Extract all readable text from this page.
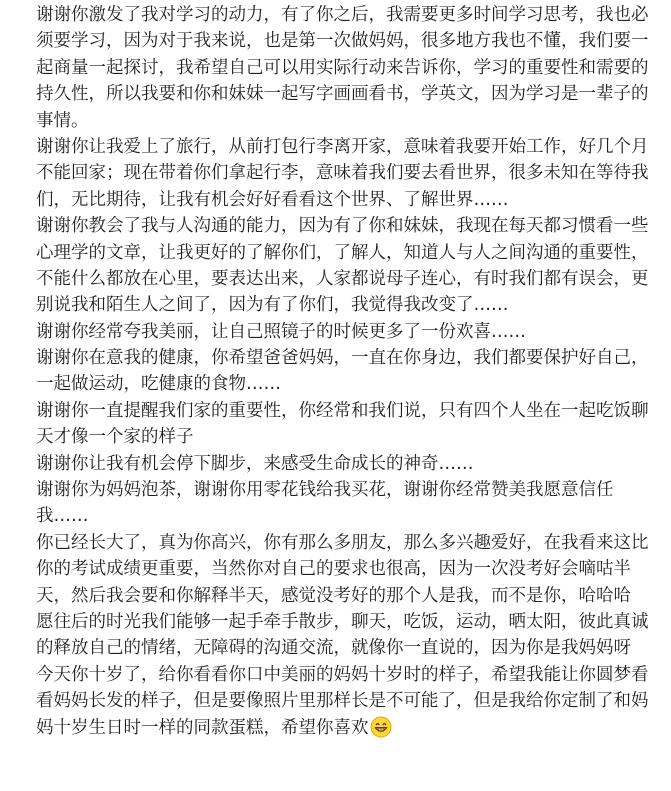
谢谢你激发了我对学习的动力，有了你之后，我需要更多时间学习思考，我也必
须要学习，因为对于我来说，也是第一次做妈妈，很多地方我也不懂，我们要一
起商量一起探讨，我希望自己可以用实际行动来告诉你，学习的重要性和需要的
持久性，所以我要和你和妹妹一起写字画画看书，学英文，因为学习是一辈子的
事情。
谢谢你让我爱上了旅行，从前打包行李离开家，意味着我要开始工作，好几个月
不能回家；现在带着你们拿起行李，意味着我们要去看世界，很多未知在等待我
们，无比期待，让我有机会好好看看这个世界、了解世界……
谢谢你教会了我与人沟通的能力，因为有了你和妹妹，我现在每天都习惯看一些
心理学的文章，让我更好的了解你们，了解人，知道人与人之间沟通的重要性，
不能什么都放在心里，要表达出来，人家都说母子连心，有时我们都有误会，更
别说我和陌生人之间了，因为有了你们，我觉得我改变了……
谢谢你经常夸我美丽，让自己照镜子的时候更多了一份欢喜……
谢谢你在意我的健康，你希望爸爸妈妈，一直在你身边，我们都要保护好自己，
一起做运动，吃健康的食物……
谢谢你一直提醒我们家的重要性，你经常和我们说，只有四个人坐在一起吃饭聊
天才像一个家的样子
谢谢你让我有机会停下脚步，来感受生命成长的神奇……
谢谢你为妈妈泡茶，谢谢你用零花钱给我买花，谢谢你经常赞美我愿意信任
我……
你已经长大了，真为你高兴，你有那么多朋友，那么多兴趣爱好，在我看来这比
你的考试成绩更重要，当然你对自己的要求也很高，因为一次没考好会嘀咕半
天，然后我会要和你解释半天，感觉没考好的那个人是我，而不是你，哈哈哈
愿往后的时光我们能够一起手牵手散步，聊天，吃饭，运动，晒太阳，彼此真诚
的释放自己的情绪，无障碍的沟通交流，就像你一直说的，因为你是我妈妈呀
今天你十岁了，给你看看你口中美丽的妈妈十岁时的样子，希望我能让你圆梦看
看妈妈长发的样子，但是要像照片里那样长是不可能了，但是我给你定制了和妈
妈十岁生日时一样的同款蛋糕，希望你喜欢
